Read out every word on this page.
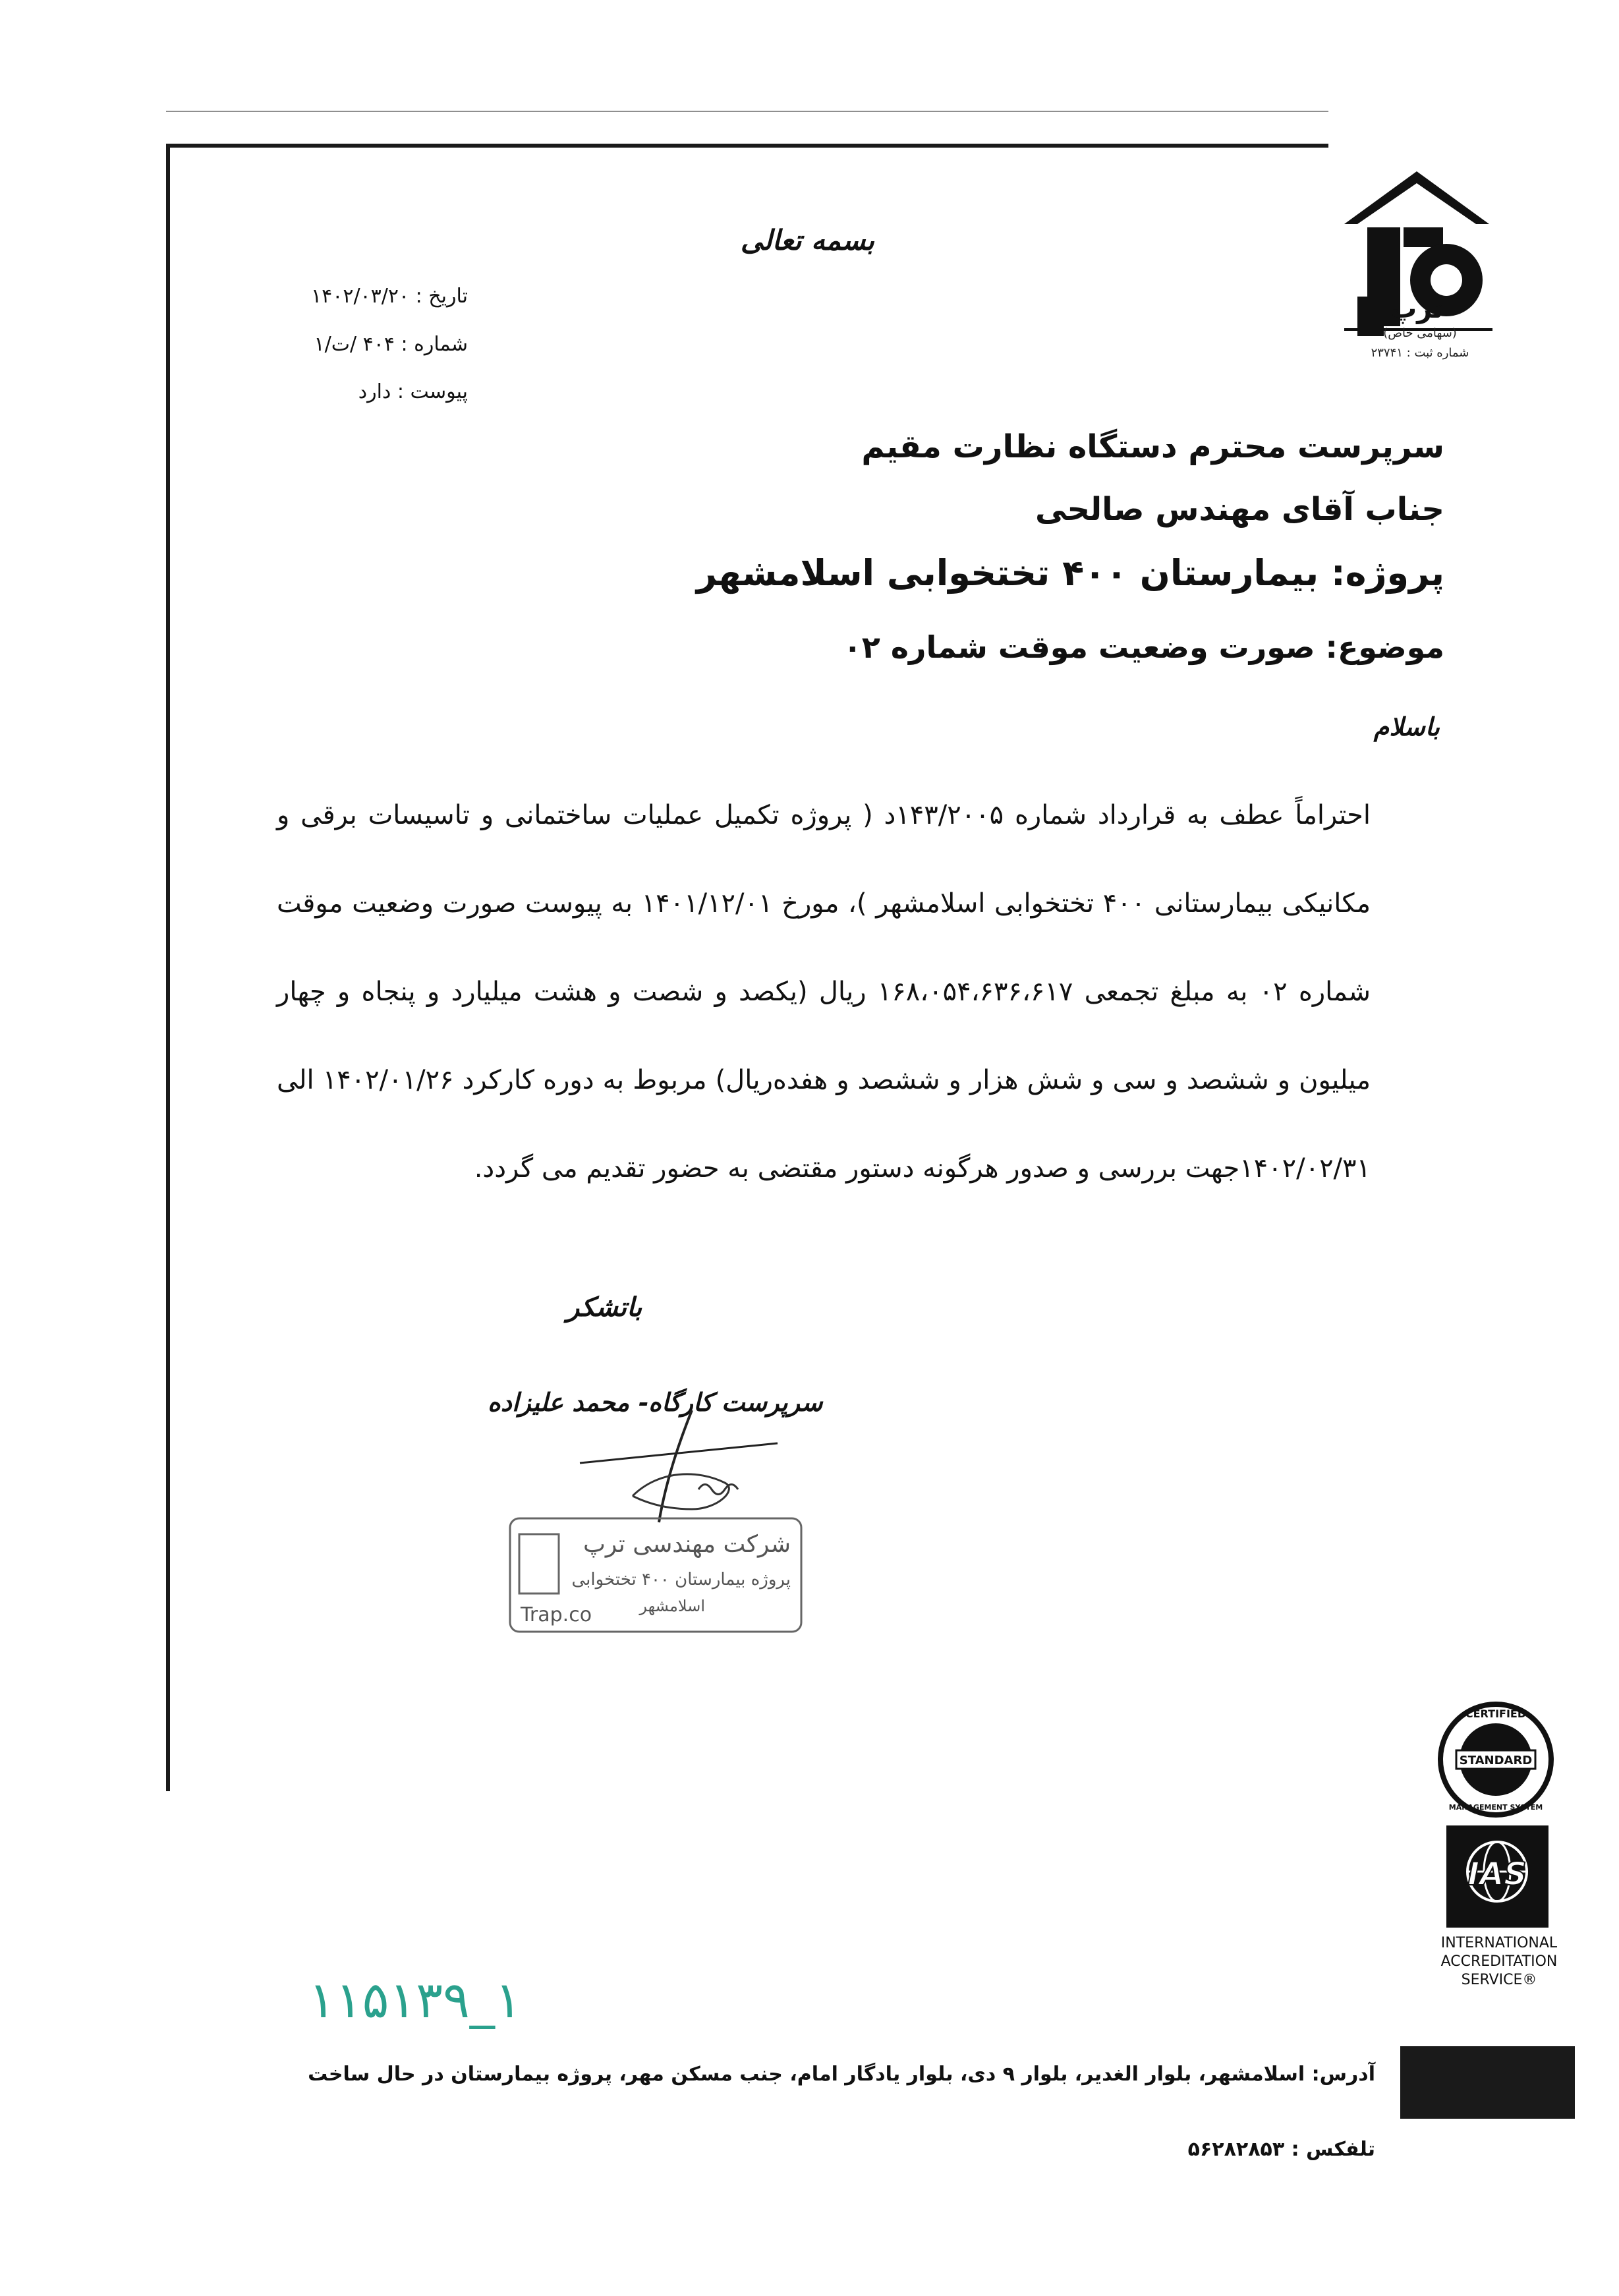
ترپ
(سهامی خاص)
شماره ثبت : ۲۳۷۴۱
بسمه تعالی
تاریخ : ۱۴۰۲/۰۳/۲۰
شماره : ۴۰۴ /ت/۱
پیوست : دارد
سرپرست محترم دستگاه نظارت مقیم
جناب آقای مهندس صالحی
پروژه: بیمارستان ۴۰۰ تختخوابی اسلامشهر
موضوع: صورت وضعیت موقت شماره ۰۲
باسلام
احتراماً عطف به قرارداد شماره ۱۴۳/۲۰۰۵د ( پروژه تکمیل عملیات ساختمانی و تاسیسات برقی و مکانیکی بیمارستانی ۴۰۰ تختخوابی اسلامشهر )، مورخ ۱۴۰۱/۱۲/۰۱ به پیوست صورت وضعیت موقت شماره ۰۲ به مبلغ تجمعی ۱۶۸،۰۵۴،۶۳۶،۶۱۷ ریال (یکصد و شصت و هشت میلیارد و پنجاه و چهار میلیون و ششصد و سی و شش هزار و ششصد و هفده‌ریال) مربوط به دوره کارکرد ۱۴۰۲/۰۱/۲۶ الی ۱۴۰۲/۰۲/۳۱جهت بررسی و صدور هرگونه دستور مقتضی به حضور تقدیم می گردد.
باتشکر
سرپرست کارگاه- محمد علیزاده
شرکت مهندسی ترپ
پروژه بیمارستان ۴۰۰ تختخوابی
اسلامشهر
Trap.co
STANDARD
CERTIFIED
MANAGEMENT SYSTEM
IAS
INTERNATIONAL
ACCREDITATION
SERVICE®
۱۱۵۱۳۹_۱
آدرس: اسلامشهر، بلوار الغدیر، بلوار ۹ دی، بلوار یادگار امام، جنب مسکن مهر، پروژه بیمارستان در حال ساخت
تلفکس : ۵۶۲۸۲۸۵۳
